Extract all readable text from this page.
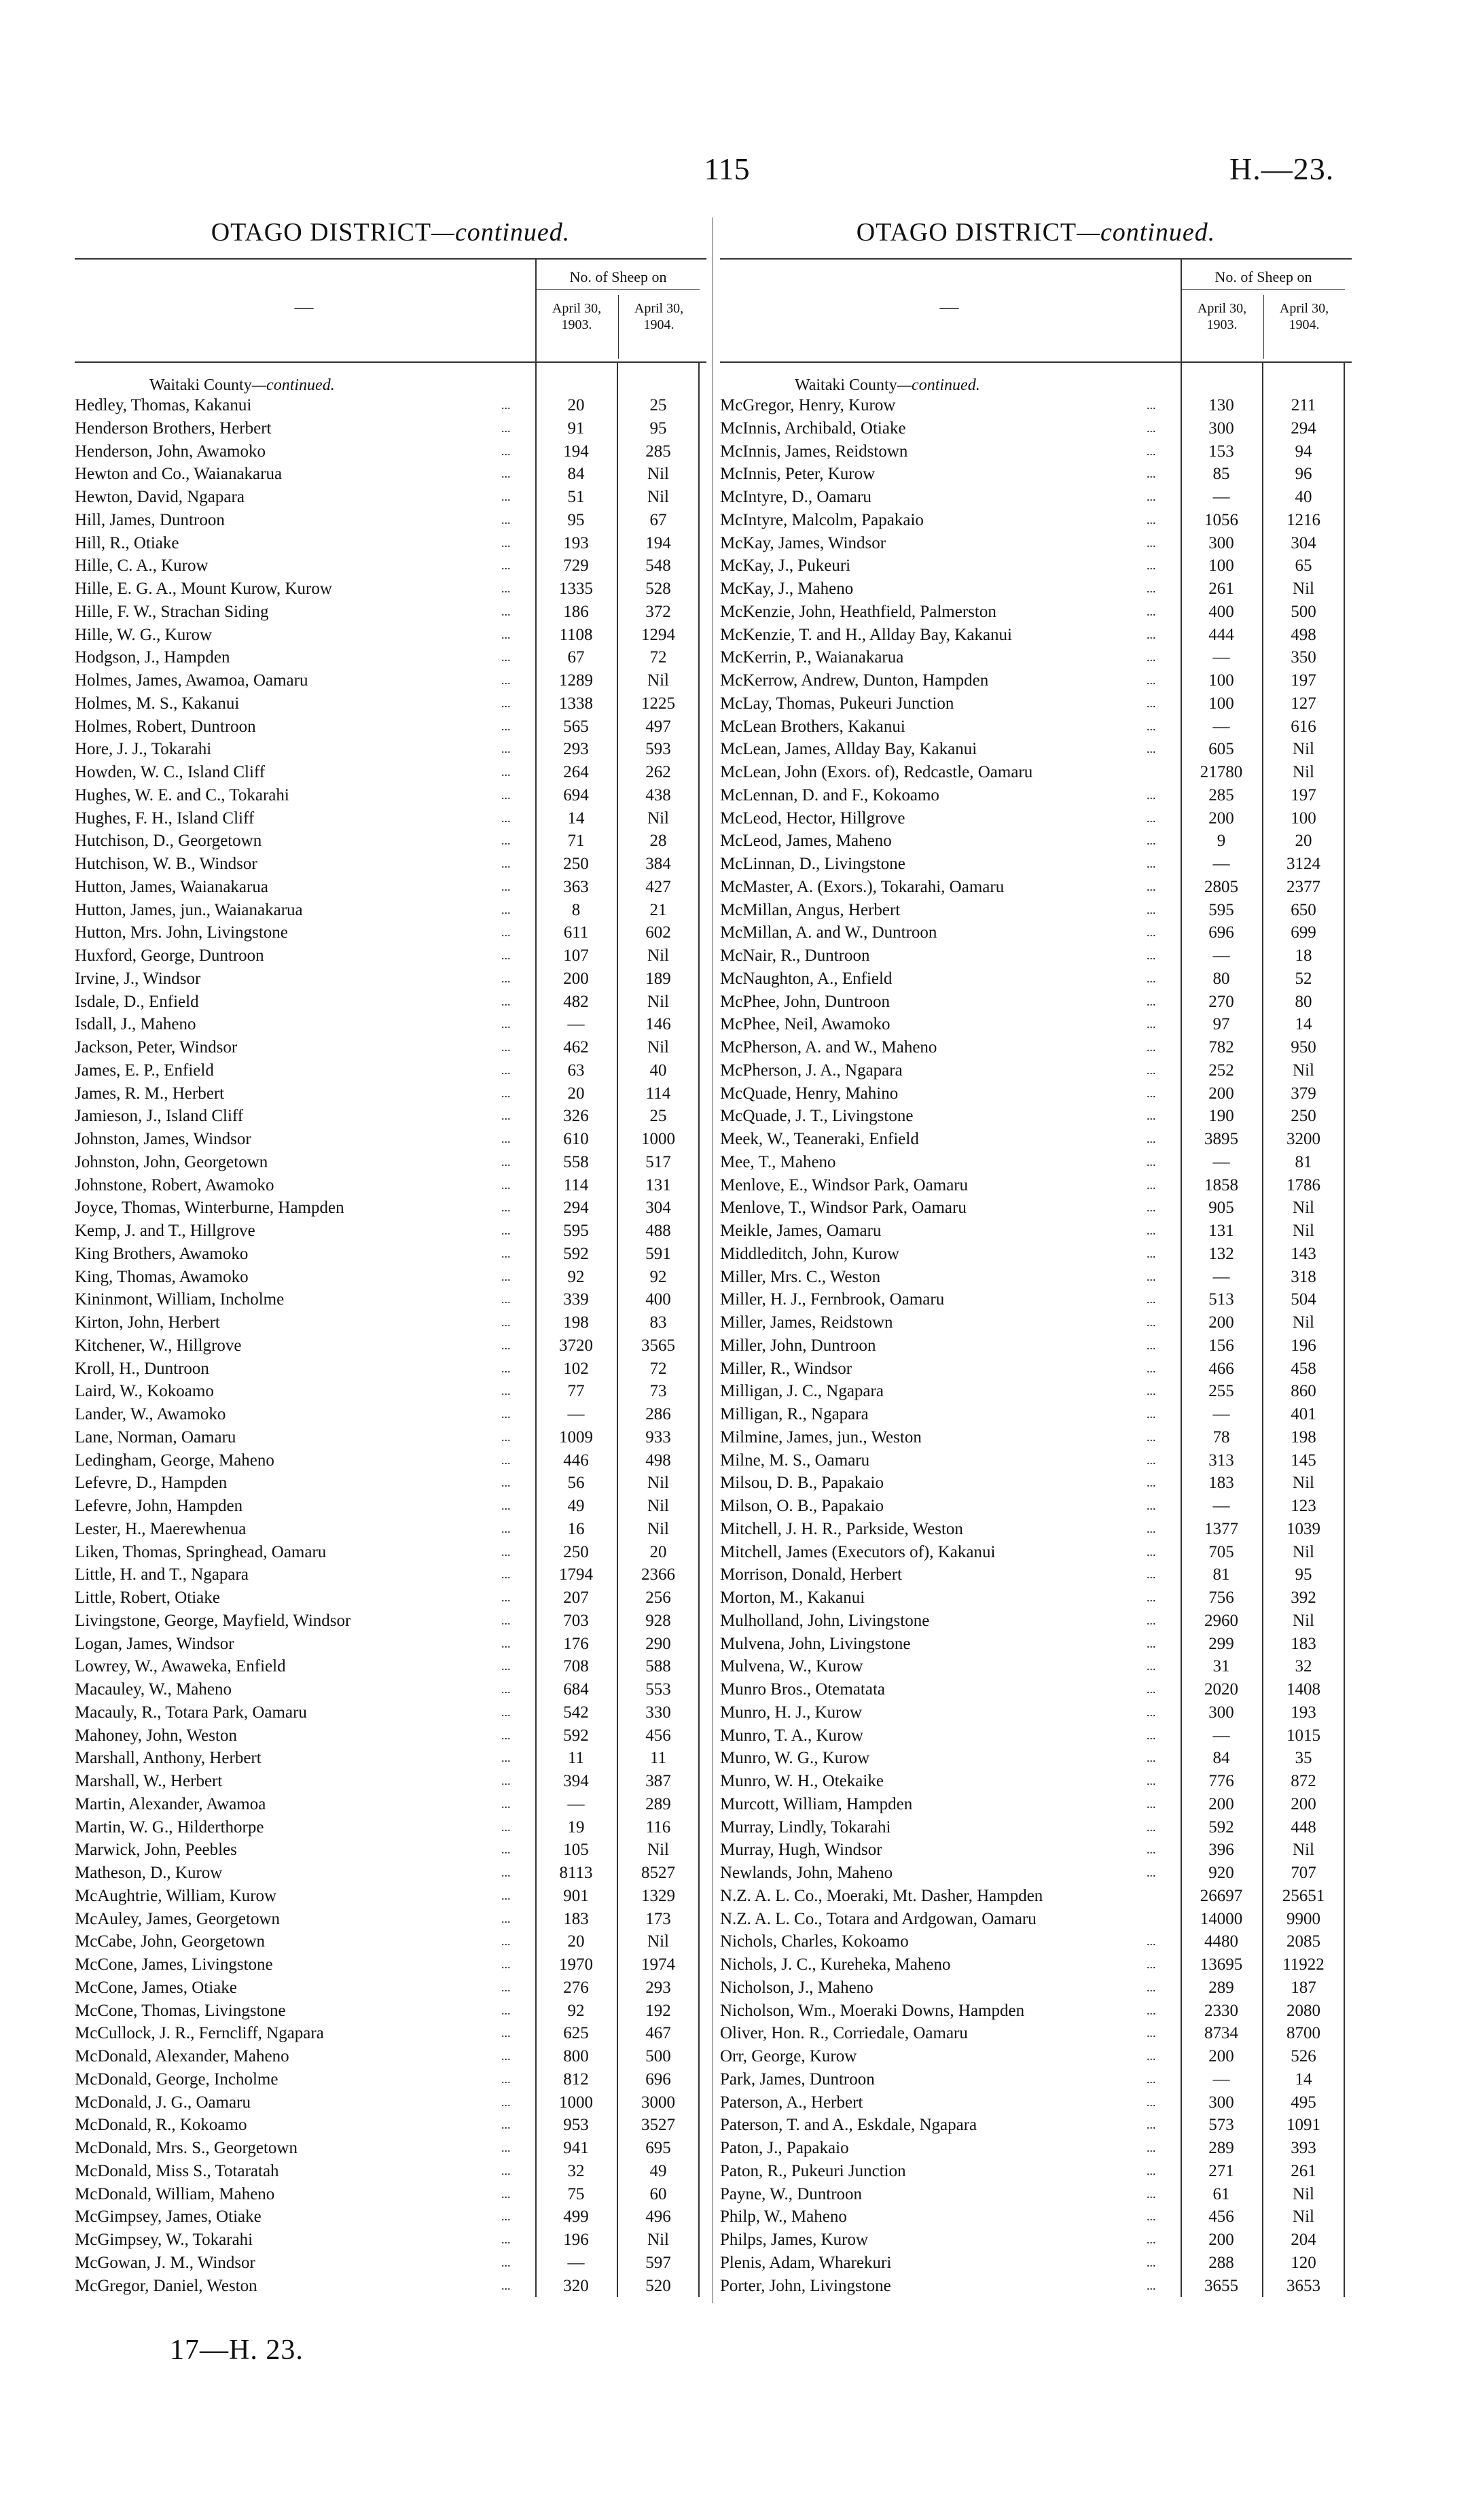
115	H.—23.
OTAGO DISTRICT—continued.
—
No. of Sheep on
April 30, 1903.
April 30, 1904.
Waitaki County—continued.
Hedley, Thomas, Kakanui	...	20	25
Henderson Brothers, Herbert	...	91	95
Henderson, John, Awamoko	...	194	285
Hewton and Co., Waianakarua	...	84	Nil
Hewton, David, Ngapara	...	51	Nil
Hill, James, Duntroon	...	95	67
Hill, R., Otiake	...	193	194
Hille, C. A., Kurow	...	729	548
Hille, E. G. A., Mount Kurow, Kurow	...	1335	528
Hille, F. W., Strachan Siding	...	186	372
Hille, W. G., Kurow	...	1108	1294
Hodgson, J., Hampden	...	67	72
Holmes, James, Awamoa, Oamaru	...	1289	Nil
Holmes, M. S., Kakanui	...	1338	1225
Holmes, Robert, Duntroon	...	565	497
Hore, J. J., Tokarahi	...	293	593
Howden, W. C., Island Cliff	...	264	262
Hughes, W. E. and C., Tokarahi	...	694	438
Hughes, F. H., Island Cliff	...	14	Nil
Hutchison, D., Georgetown	...	71	28
Hutchison, W. B., Windsor	...	250	384
Hutton, James, Waianakarua	...	363	427
Hutton, James, jun., Waianakarua	...	8	21
Hutton, Mrs. John, Livingstone	...	611	602
Huxford, George, Duntroon	...	107	Nil
Irvine, J., Windsor	...	200	189
Isdale, D., Enfield	...	482	Nil
Isdall, J., Maheno	...	—	146
Jackson, Peter, Windsor	...	462	Nil
James, E. P., Enfield	...	63	40
James, R. M., Herbert	...	20	114
Jamieson, J., Island Cliff	...	326	25
Johnston, James, Windsor	...	610	1000
Johnston, John, Georgetown	...	558	517
Johnstone, Robert, Awamoko	...	114	131
Joyce, Thomas, Winterburne, Hampden	...	294	304
Kemp, J. and T., Hillgrove	...	595	488
King Brothers, Awamoko	...	592	591
King, Thomas, Awamoko	...	92	92
Kininmont, William, Incholme	...	339	400
Kirton, John, Herbert	...	198	83
Kitchener, W., Hillgrove	...	3720	3565
Kroll, H., Duntroon	...	102	72
Laird, W., Kokoamo	...	77	73
Lander, W., Awamoko	...	—	286
Lane, Norman, Oamaru	...	1009	933
Ledingham, George, Maheno	...	446	498
Lefevre, D., Hampden	...	56	Nil
Lefevre, John, Hampden	...	49	Nil
Lester, H., Maerewhenua	...	16	Nil
Liken, Thomas, Springhead, Oamaru	...	250	20
Little, H. and T., Ngapara	...	1794	2366
Little, Robert, Otiake	...	207	256
Livingstone, George, Mayfield, Windsor	...	703	928
Logan, James, Windsor	...	176	290
Lowrey, W., Awaweka, Enfield	...	708	588
Macauley, W., Maheno	...	684	553
Macauly, R., Totara Park, Oamaru	...	542	330
Mahoney, John, Weston	...	592	456
Marshall, Anthony, Herbert	...	11	11
Marshall, W., Herbert	...	394	387
Martin, Alexander, Awamoa	...	—	289
Martin, W. G., Hilderthorpe	...	19	116
Marwick, John, Peebles	...	105	Nil
Matheson, D., Kurow	...	8113	8527
McAughtrie, William, Kurow	...	901	1329
McAuley, James, Georgetown	...	183	173
McCabe, John, Georgetown	...	20	Nil
McCone, James, Livingstone	...	1970	1974
McCone, James, Otiake	...	276	293
McCone, Thomas, Livingstone	...	92	192
McCullock, J. R., Ferncliff, Ngapara	...	625	467
McDonald, Alexander, Maheno	...	800	500
McDonald, George, Incholme	...	812	696
McDonald, J. G., Oamaru	...	1000	3000
McDonald, R., Kokoamo	...	953	3527
McDonald, Mrs. S., Georgetown	...	941	695
McDonald, Miss S., Totaratah	...	32	49
McDonald, William, Maheno	...	75	60
McGimpsey, James, Otiake	...	499	496
McGimpsey, W., Tokarahi	...	196	Nil
McGowan, J. M., Windsor	...	—	597
McGregor, Daniel, Weston	...	320	520
OTAGO DISTRICT—continued.
—
No. of Sheep on
April 30, 1903.
April 30, 1904.
Waitaki County—continued.
McGregor, Henry, Kurow	...	130	211
McInnis, Archibald, Otiake	...	300	294
McInnis, James, Reidstown	...	153	94
McInnis, Peter, Kurow	...	85	96
McIntyre, D., Oamaru	...	—	40
McIntyre, Malcolm, Papakaio	...	1056	1216
McKay, James, Windsor	...	300	304
McKay, J., Pukeuri	...	100	65
McKay, J., Maheno	...	261	Nil
McKenzie, John, Heathfield, Palmerston	...	400	500
McKenzie, T. and H., Allday Bay, Kakanui	...	444	498
McKerrin, P., Waianakarua	...	—	350
McKerrow, Andrew, Dunton, Hampden	...	100	197
McLay, Thomas, Pukeuri Junction	...	100	127
McLean Brothers, Kakanui	...	—	616
McLean, James, Allday Bay, Kakanui	...	605	Nil
McLean, John (Exors. of), Redcastle, Oamaru	21780	Nil
McLennan, D. and F., Kokoamo	...	285	197
McLeod, Hector, Hillgrove	...	200	100
McLeod, James, Maheno	...	9	20
McLinnan, D., Livingstone	...	—	3124
McMaster, A. (Exors.), Tokarahi, Oamaru	...	2805	2377
McMillan, Angus, Herbert	...	595	650
McMillan, A. and W., Duntroon	...	696	699
McNair, R., Duntroon	...	—	18
McNaughton, A., Enfield	...	80	52
McPhee, John, Duntroon	...	270	80
McPhee, Neil, Awamoko	...	97	14
McPherson, A. and W., Maheno	...	782	950
McPherson, J. A., Ngapara	...	252	Nil
McQuade, Henry, Mahino	...	200	379
McQuade, J. T., Livingstone	...	190	250
Meek, W., Teaneraki, Enfield	...	3895	3200
Mee, T., Maheno	...	—	81
Menlove, E., Windsor Park, Oamaru	...	1858	1786
Menlove, T., Windsor Park, Oamaru	...	905	Nil
Meikle, James, Oamaru	...	131	Nil
Middleditch, John, Kurow	...	132	143
Miller, Mrs. C., Weston	...	—	318
Miller, H. J., Fernbrook, Oamaru	...	513	504
Miller, James, Reidstown	...	200	Nil
Miller, John, Duntroon	...	156	196
Miller, R., Windsor	...	466	458
Milligan, J. C., Ngapara	...	255	860
Milligan, R., Ngapara	...	—	401
Milmine, James, jun., Weston	...	78	198
Milne, M. S., Oamaru	...	313	145
Milsou, D. B., Papakaio	...	183	Nil
Milson, O. B., Papakaio	...	—	123
Mitchell, J. H. R., Parkside, Weston	...	1377	1039
Mitchell, James (Executors of), Kakanui	...	705	Nil
Morrison, Donald, Herbert	...	81	95
Morton, M., Kakanui	...	756	392
Mulholland, John, Livingstone	...	2960	Nil
Mulvena, John, Livingstone	...	299	183
Mulvena, W., Kurow	...	31	32
Munro Bros., Otematata	...	2020	1408
Munro, H. J., Kurow	...	300	193
Munro, T. A., Kurow	...	—	1015
Munro, W. G., Kurow	...	84	35
Munro, W. H., Otekaike	...	776	872
Murcott, William, Hampden	...	200	200
Murray, Lindly, Tokarahi	...	592	448
Murray, Hugh, Windsor	...	396	Nil
Newlands, John, Maheno	...	920	707
N.Z. A. L. Co., Moeraki, Mt. Dasher, Hampden	26697	25651
N.Z. A. L. Co., Totara and Ardgowan, Oamaru	14000	9900
Nichols, Charles, Kokoamo	...	4480	2085
Nichols, J. C., Kureheka, Maheno	...	13695	11922
Nicholson, J., Maheno	...	289	187
Nicholson, Wm., Moeraki Downs, Hampden	...	2330	2080
Oliver, Hon. R., Corriedale, Oamaru	...	8734	8700
Orr, George, Kurow	...	200	526
Park, James, Duntroon	...	—	14
Paterson, A., Herbert	...	300	495
Paterson, T. and A., Eskdale, Ngapara	...	573	1091
Paton, J., Papakaio	...	289	393
Paton, R., Pukeuri Junction	...	271	261
Payne, W., Duntroon	...	61	Nil
Philp, W., Maheno	...	456	Nil
Philps, James, Kurow	...	200	204
Plenis, Adam, Wharekuri	...	288	120
Porter, John, Livingstone	...	3655	3653
17—H. 23.
